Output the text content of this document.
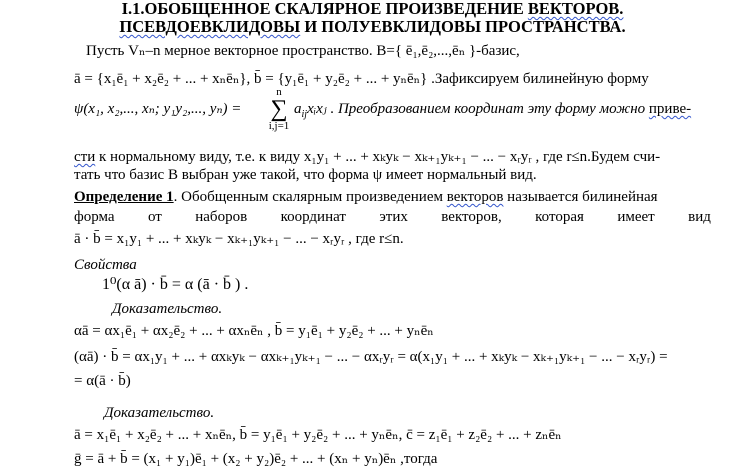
I.1.ОБОБЩЕННОЕ СКАЛЯРНОЕ ПРОИЗВЕДЕНИЕ ВЕКТОРОВ.
ПСЕВДОЕВКЛИДОВЫ И ПОЛУЕВКЛИДОВЫ ПРОСТРАНСТВА.
Пусть Vₙ–n мерное векторное пространство. B={ ē₁,ē₂,...,ēₙ }-базис,
ā = {x₁ē₁ + x₂ē₂ + ... + xₙēₙ}, b̄ = {y₁ē₁ + y₂ē₂ + ... + yₙēₙ} .Зафиксируем билинейную форму
ψ(x₁, x₂,..., xₙ; y₁y₂,..., yₙ) =
n
∑
i,j=1
$a_{ij}xᵢxⱼ$ . Преобразованием координат эту форму можно приве-
сти к нормальному виду, т.е. к виду x₁y₁ + ... + xₖyₖ − xₖ₊₁yₖ₊₁ − ... − xᵣyᵣ , где r≤n.Будем счи-
тать что базис B выбран уже такой, что форма ψ имеет нормальный вид.
Определение 1. Обобщенным скалярным произведением векторов называется билинейная
форма от наборов координат этих векторов, которая имеет вид
ā · b̄ = x₁y₁ + ... + xₖyₖ − xₖ₊₁yₖ₊₁ − ... − xᵣyᵣ , где r≤n.
Свойства
1⁰(α ā) · b̄ = α (ā · b̄ ) .
Доказательство.
αā = αx₁ē₁ + αx₂ē₂ + ... + αxₙēₙ , b̄ = y₁ē₁ + y₂ē₂ + ... + yₙēₙ
(αā) · b̄ = αx₁y₁ + ... + αxₖyₖ − αxₖ₊₁yₖ₊₁ − ... − αxᵣyᵣ = α(x₁y₁ + ... + xₖyₖ − xₖ₊₁yₖ₊₁ − ... − xᵣyᵣ) =
= α(ā · b̄)
Доказательство.
ā = x₁ē₁ + x₂ē₂ + ... + xₙēₙ, b̄ = y₁ē₁ + y₂ē₂ + ... + yₙēₙ, c̄ = z₁ē₁ + z₂ē₂ + ... + zₙēₙ
ḡ = ā + b̄ = (x₁ + y₁)ē₁ + (x₂ + y₂)ē₂ + ... + (xₙ + yₙ)ēₙ ,тогда
